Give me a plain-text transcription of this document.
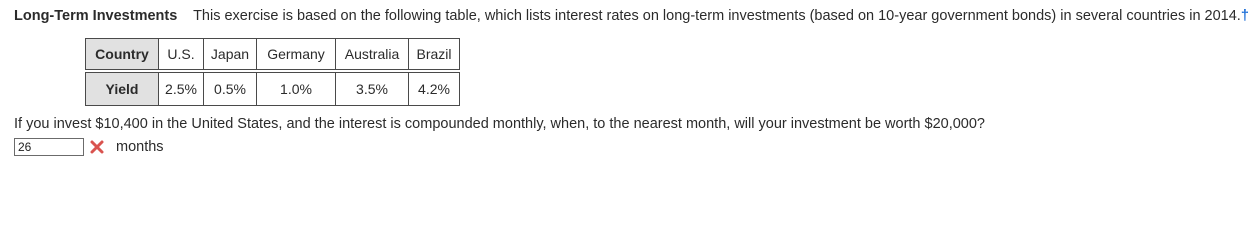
Long-Term Investments This exercise is based on the following table, which lists interest rates on long-term investments (based on 10-year government bonds) in several countries in 2014.†
Country	U.S.	Japan	Germany	Australia	Brazil

Yield	2.5%	0.5%	1.0%	3.5%	4.2%
If you invest $10,400 in the United States, and the interest is compounded monthly, when, to the nearest month, will your investment be worth $20,000?
26
months
